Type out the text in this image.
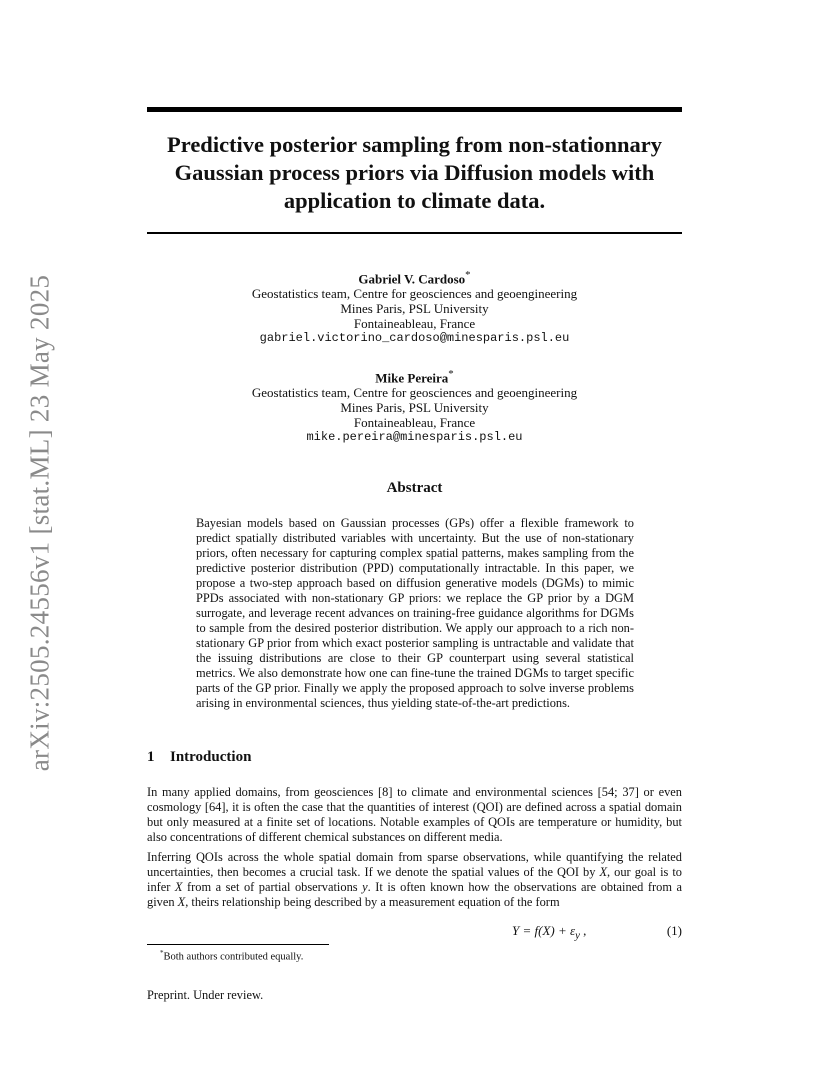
Predictive posterior sampling from non-stationnary
Gaussian process priors via Diffusion models with
application to climate data.
arXiv:2505.24556v1 [stat.ML] 23 May 2025	Gabriel V. Cardoso*
Geostatistics team, Centre for geosciences and geoengineering
Mines Paris, PSL University
Fontaineableau, France
gabriel.victorino_cardoso@minesparis.psl.eu
Mike Pereira*
Geostatistics team, Centre for geosciences and geoengineering
Mines Paris, PSL University
Fontaineableau, France
mike.pereira@minesparis.psl.eu
Abstract
Bayesian models based on Gaussian processes (GPs) offer a flexible framework to predict spatially distributed variables with uncertainty. But the use of non-stationary priors, often necessary for capturing complex spatial patterns, makes sampling from the predictive posterior distribution (PPD) computationally intractable. In this paper, we propose a two-step approach based on diffusion generative models (DGMs) to mimic PPDs associated with non-stationary GP priors: we replace the GP prior by a DGM surrogate, and leverage recent advances on training-free guidance algorithms for DGMs to sample from the desired posterior distribution. We apply our approach to a rich non-stationary GP prior from which exact posterior sampling is untractable and validate that the issuing distributions are close to their GP counterpart using several statistical metrics. We also demonstrate how one can fine-tune the trained DGMs to target specific parts of the GP prior. Finally we apply the proposed approach to solve inverse problems arising in environmental sciences, thus yielding state-of-the-art predictions.
1 Introduction
In many applied domains, from geosciences [8] to climate and environmental sciences [54; 37] or even cosmology [64], it is often the case that the quantities of interest (QOI) are defined across a spatial domain but only measured at a finite set of locations. Notable examples of QOIs are temperature or humidity, but also concentrations of different chemical substances on different media.
Inferring QOIs across the whole spatial domain from sparse observations, while quantifying the related uncertainties, then becomes a crucial task. If we denote the spatial values of the QOI by X, our goal is to infer X from a set of partial observations y. It is often known how the observations are obtained from a given X, theirs relationship being described by a measurement equation of the form
$Y = f(X) + \varepsilon_y$ ,	(1)
*Both authors contributed equally.
Preprint. Under review.
